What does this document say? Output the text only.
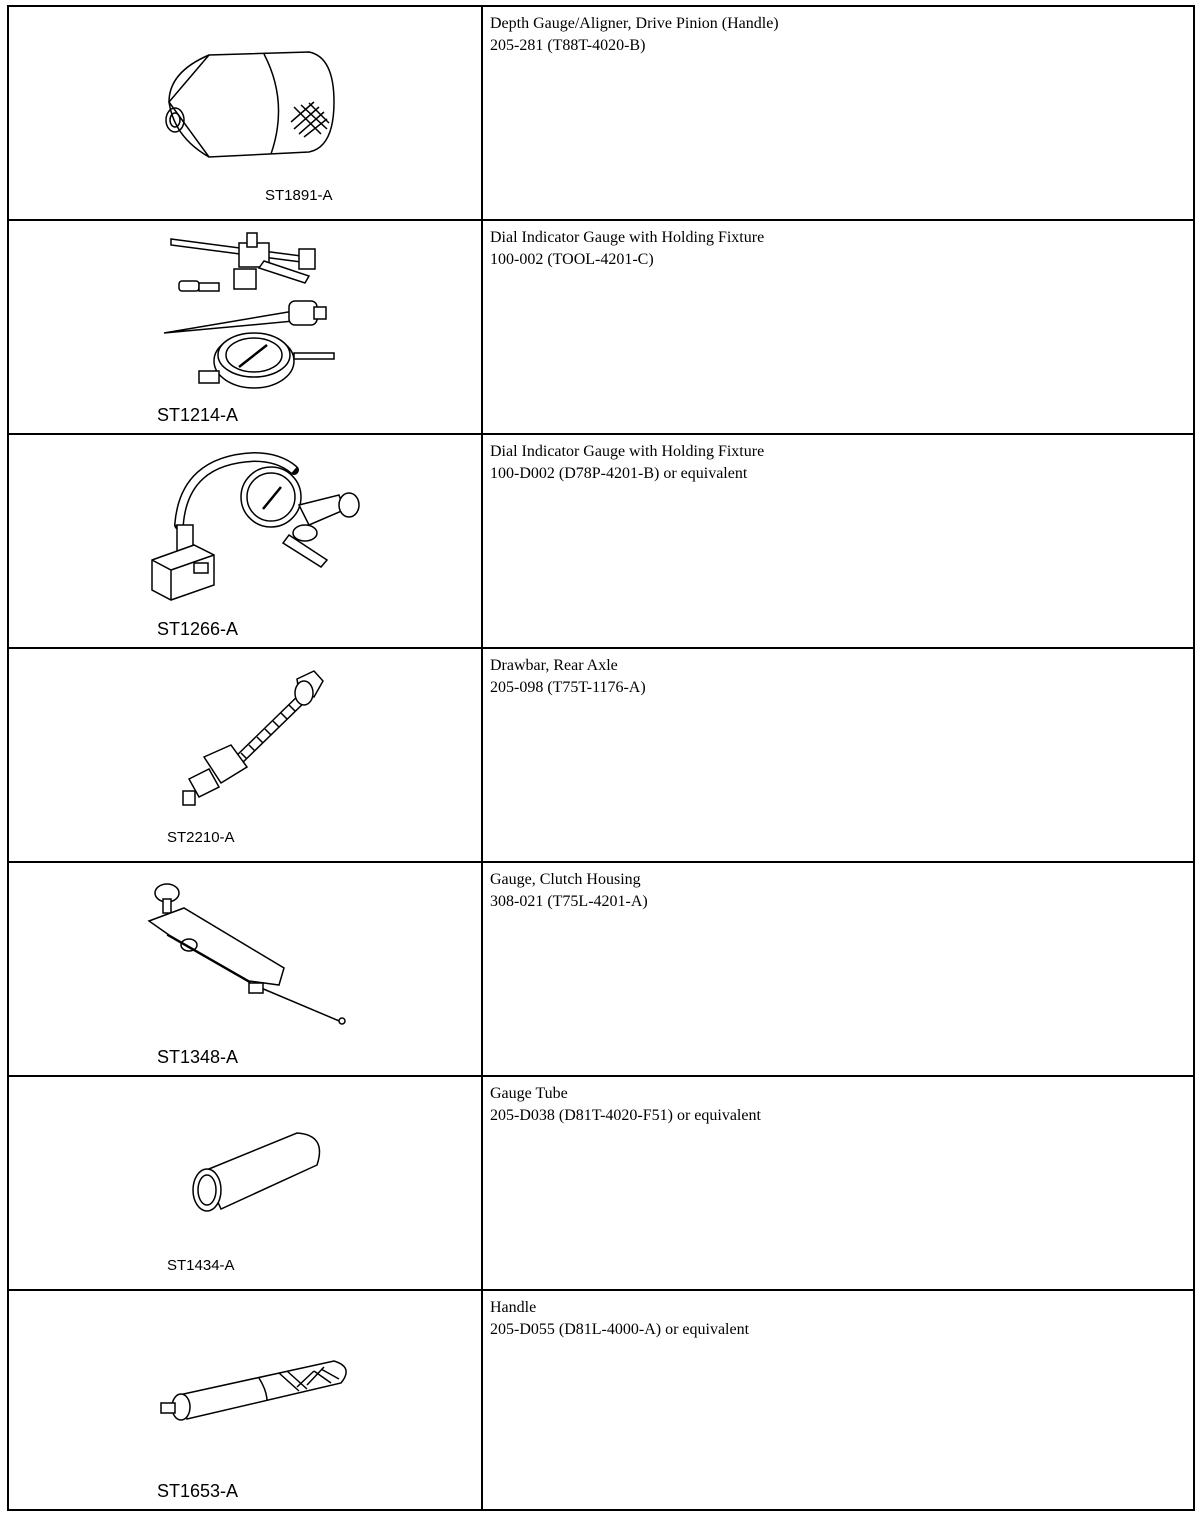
ST1891-A	Depth Gauge/Aligner, Drive Pinion (Handle)
205-281 (T88T-4020-B)

ST1214-A	Dial Indicator Gauge with Holding Fixture
100-002 (TOOL-4201-C)

ST1266-A	Dial Indicator Gauge with Holding Fixture
100-D002 (D78P-4201-B) or equivalent

ST2210-A	Drawbar, Rear Axle
205-098 (T75T-1176-A)

ST1348-A	Gauge, Clutch Housing
308-021 (T75L-4201-A)

ST1434-A	Gauge Tube
205-D038 (D81T-4020-F51) or equivalent

ST1653-A	Handle
205-D055 (D81L-4000-A) or equivalent
